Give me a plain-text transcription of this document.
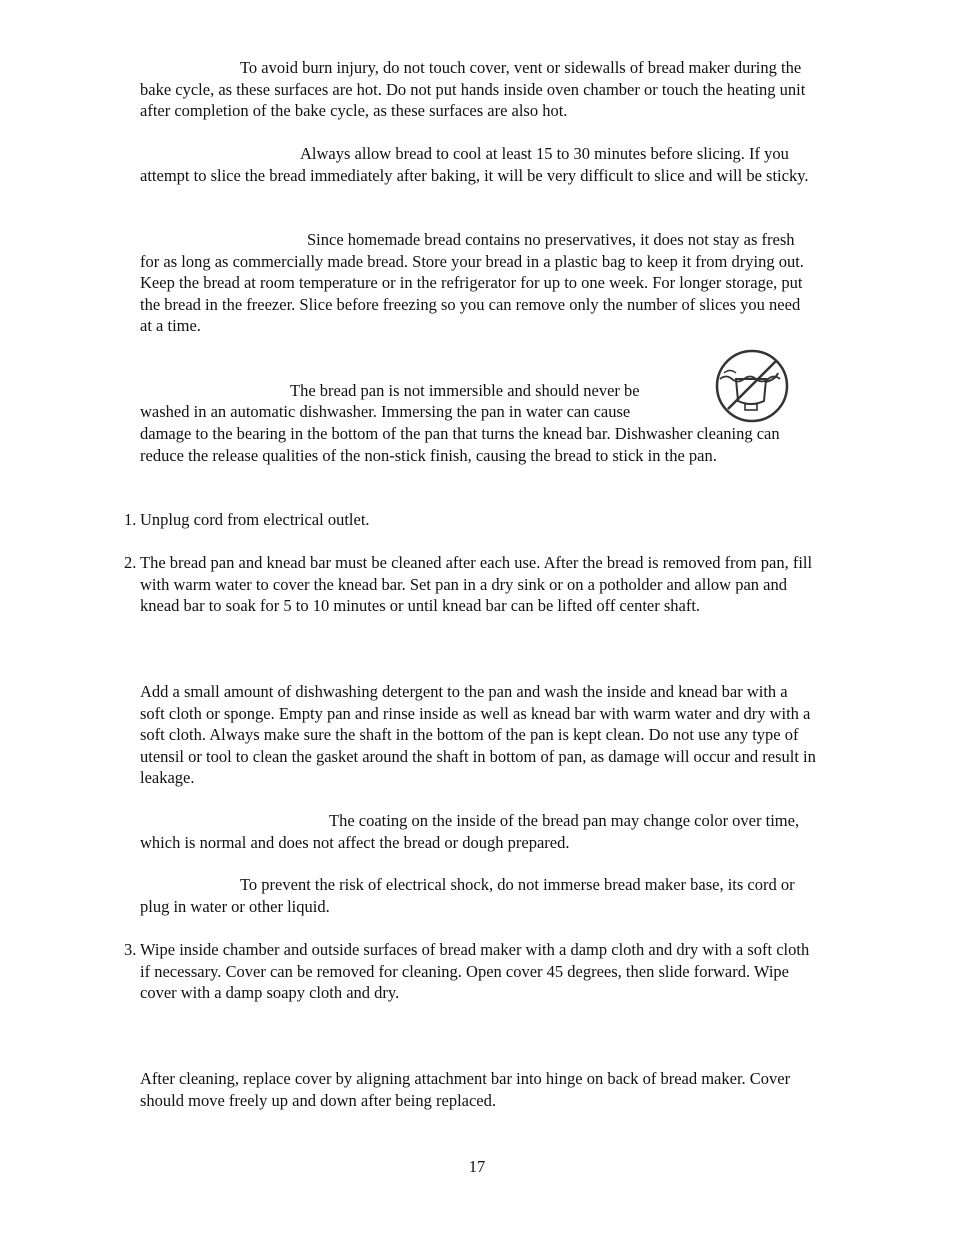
To avoid burn injury, do not touch cover, vent or sidewalls of bread maker during the bake cycle, as these surfaces are hot. Do not put hands inside oven chamber or touch the heating unit after completion of the bake cycle, as these surfaces are also hot.

Always allow bread to cool at least 15 to 30 minutes before slicing. If you attempt to slice the bread immediately after baking, it will be very difficult to slice and will be sticky.

Since homemade bread contains no preservatives, it does not stay as fresh for as long as commercially made bread. Store your bread in a plastic bag to keep it from drying out. Keep the bread at room temperature or in the refrigerator for up to one week. For longer storage, put the bread in the freezer. Slice before freezing so you can remove only the number of slices you need at a time.

The bread pan is not immersible and should never be

washed in an automatic dishwasher. Immersing the pan in water can cause

damage to the bearing in the bottom of the pan that turns the knead bar. Dishwasher cleaning can reduce the release qualities of the non-stick finish, causing the bread to stick in the pan.

1. Unplug cord from electrical outlet.

2. The bread pan and knead bar must be cleaned after each use. After the bread is removed from pan, fill with warm water to cover the knead bar. Set pan in a dry sink or on a potholder and allow pan and knead bar to soak for 5 to 10 minutes or until knead bar can be lifted off center shaft.

Add a small amount of dishwashing detergent to the pan and wash the inside and knead bar with a soft cloth or sponge. Empty pan and rinse inside as well as knead bar with warm water and dry with a soft cloth. Always make sure the shaft in the bottom of the pan is kept clean. Do not use any type of utensil or tool to clean the gasket around the shaft in bottom of pan, as damage will occur and result in leakage.

The coating on the inside of the bread pan may change color over time, which is normal and does not affect the bread or dough prepared.

To prevent the risk of electrical shock, do not immerse bread maker base, its cord or plug in water or other liquid.

3. Wipe inside chamber and outside surfaces of bread maker with a damp cloth and dry with a soft cloth if necessary. Cover can be removed for cleaning. Open cover 45 degrees, then slide forward. Wipe cover with a damp soapy cloth and dry.

After cleaning, replace cover by aligning attachment bar into hinge on back of bread maker. Cover should move freely up and down after being replaced.

17
